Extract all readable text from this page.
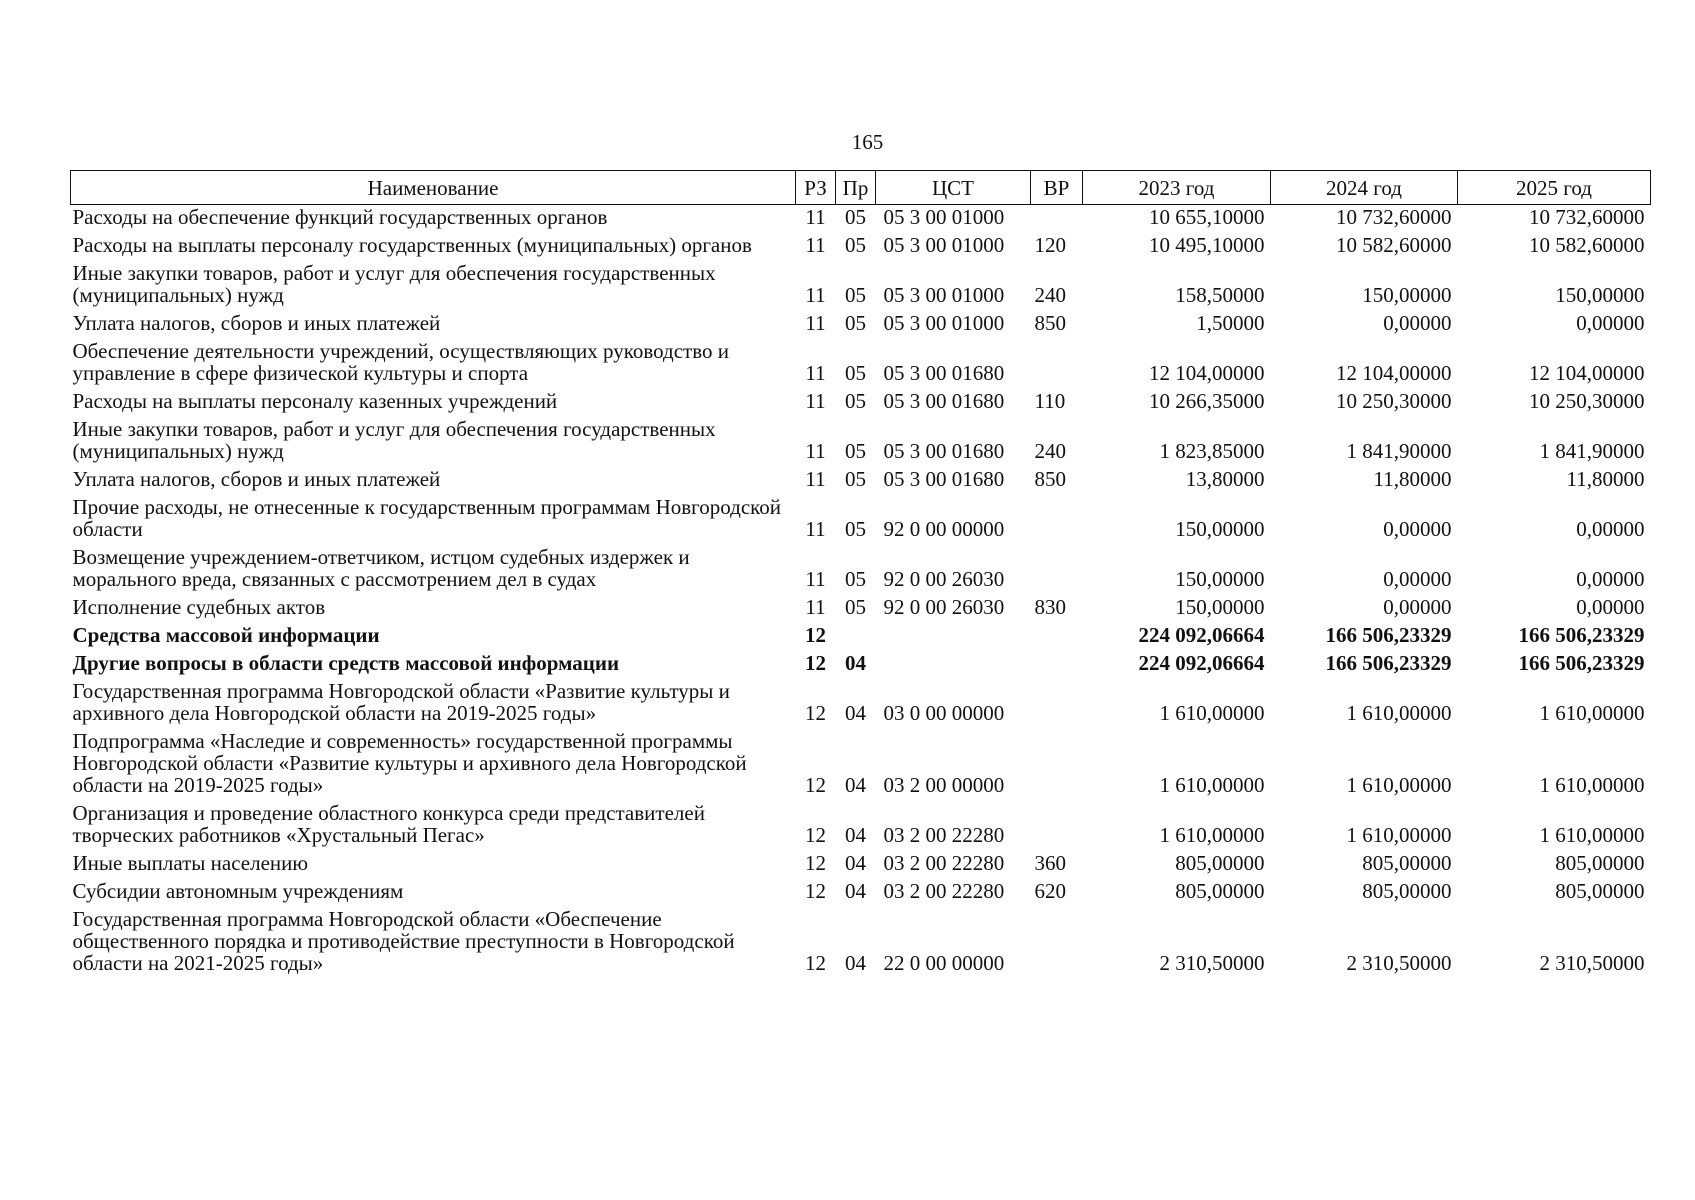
165
Наименование	РЗ	Пр	ЦСТ	ВР	2023 год	2024 год	2025 год
Расходы на обеспечение функций государственных органов	11	05	05 3 00 01000		10 655,10000	10 732,60000	10 732,60000
Расходы на выплаты персоналу государственных (муниципальных) органов	11	05	05 3 00 01000	120	10 495,10000	10 582,60000	10 582,60000
Иные закупки товаров, работ и услуг для обеспечения государственных (муниципальных) нужд	11	05	05 3 00 01000	240	158,50000	150,00000	150,00000
Уплата налогов, сборов и иных платежей	11	05	05 3 00 01000	850	1,50000	0,00000	0,00000
Обеспечение деятельности учреждений, осуществляющих руководство и управление в сфере физической культуры и спорта	11	05	05 3 00 01680		12 104,00000	12 104,00000	12 104,00000
Расходы на выплаты персоналу казенных учреждений	11	05	05 3 00 01680	110	10 266,35000	10 250,30000	10 250,30000
Иные закупки товаров, работ и услуг для обеспечения государственных (муниципальных) нужд	11	05	05 3 00 01680	240	1 823,85000	1 841,90000	1 841,90000
Уплата налогов, сборов и иных платежей	11	05	05 3 00 01680	850	13,80000	11,80000	11,80000
Прочие расходы, не отнесенные к государственным программам Новгородской области	11	05	92 0 00 00000		150,00000	0,00000	0,00000
Возмещение учреждением-ответчиком, истцом судебных издержек и морального вреда, связанных с рассмотрением дел в судах	11	05	92 0 00 26030		150,00000	0,00000	0,00000
Исполнение судебных актов	11	05	92 0 00 26030	830	150,00000	0,00000	0,00000
Средства массовой информации	12				224 092,06664	166 506,23329	166 506,23329
Другие вопросы в области средств массовой информации	12	04			224 092,06664	166 506,23329	166 506,23329
Государственная программа Новгородской области «Развитие культуры и архивного дела Новгородской области на 2019-2025 годы»	12	04	03 0 00 00000		1 610,00000	1 610,00000	1 610,00000
Подпрограмма «Наследие и современность» государственной программы Новгородской области «Развитие культуры и архивного дела Новгородской области на 2019-2025 годы»	12	04	03 2 00 00000		1 610,00000	1 610,00000	1 610,00000
Организация и проведение областного конкурса среди представителей творческих работников «Хрустальный Пегас»	12	04	03 2 00 22280		1 610,00000	1 610,00000	1 610,00000
Иные выплаты населению	12	04	03 2 00 22280	360	805,00000	805,00000	805,00000
Субсидии автономным учреждениям	12	04	03 2 00 22280	620	805,00000	805,00000	805,00000
Государственная программа Новгородской области «Обеспечение общественного порядка и противодействие преступности в Новгородской области на 2021-2025 годы»	12	04	22 0 00 00000		2 310,50000	2 310,50000	2 310,50000
